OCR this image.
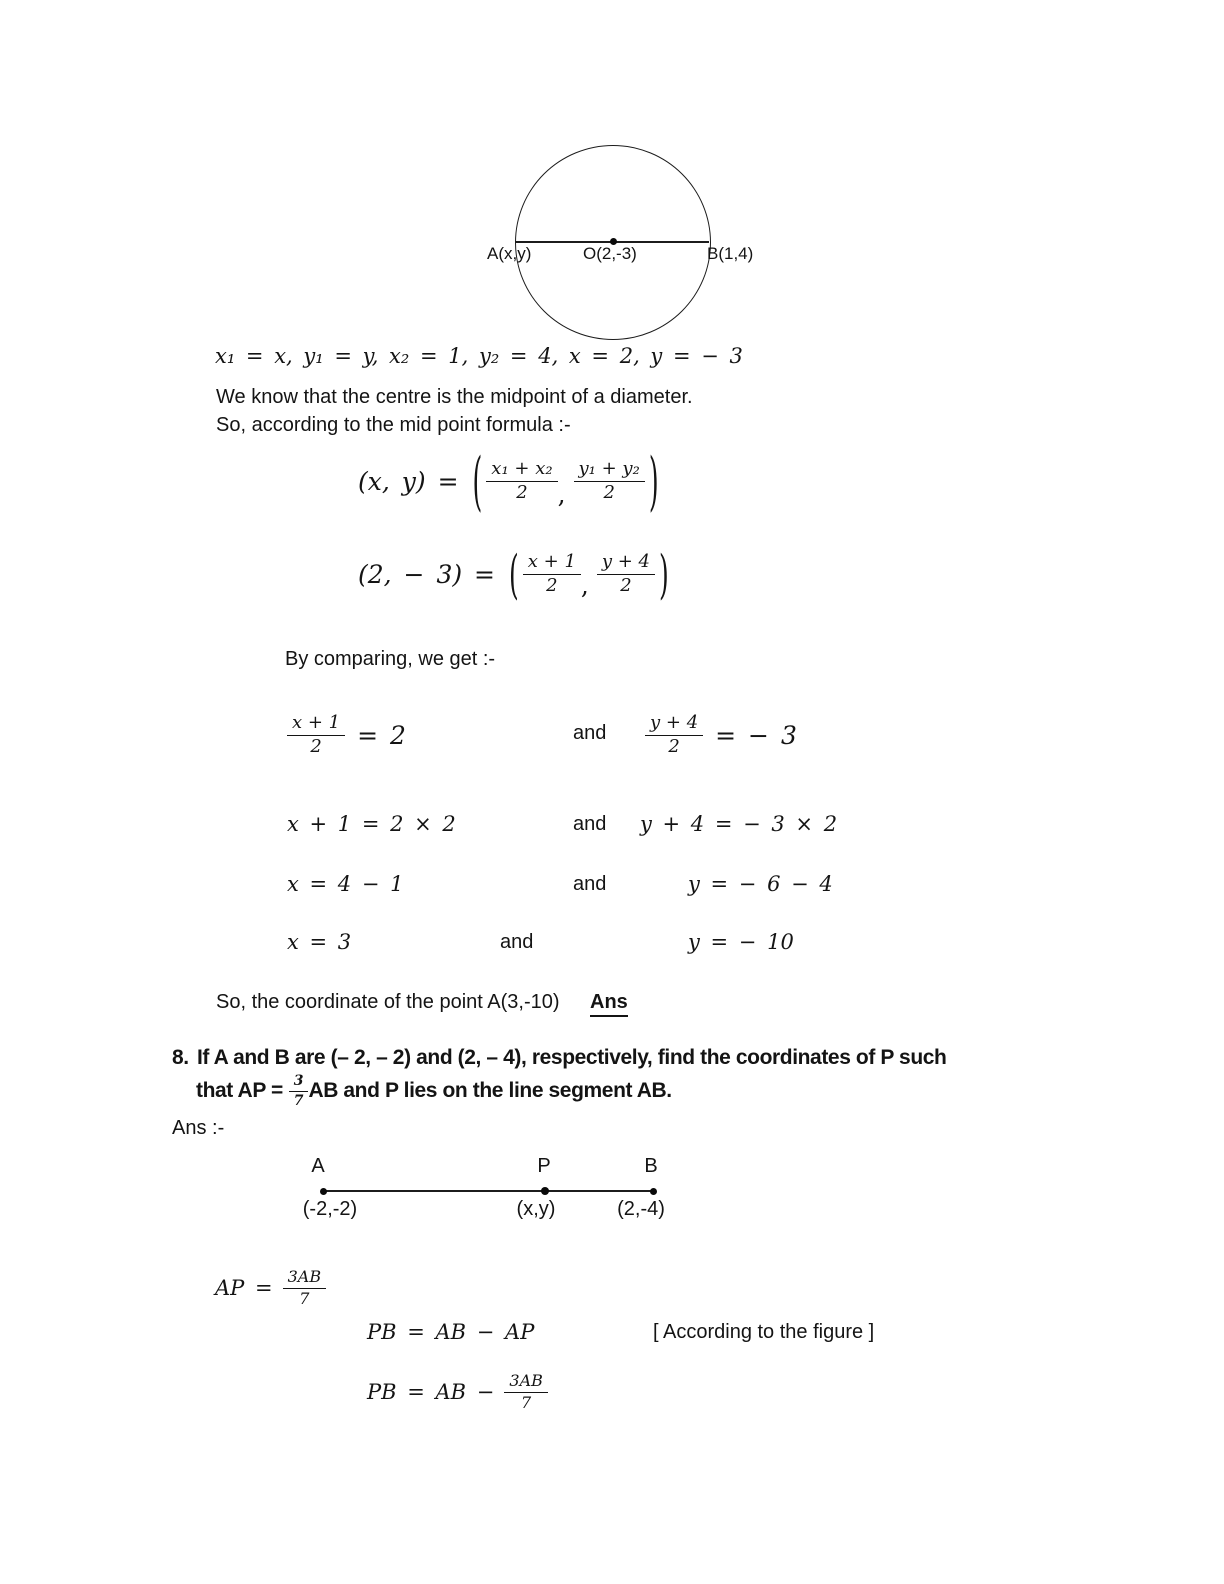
A(x,y)	O(2,-3)	B(1,4)
x₁ = x, y₁ = y, x₂ = 1, y₂ = 4, x = 2, y = − 3
We know that the centre is the midpoint of a diameter.
So, according to the mid point formula :-
(x, y) = ( $\frac{\text{x₁ + x₂}}{2}$ , $\frac{\text{y₁ + y₂}}{2}$ )
(2, − 3) = ( $\frac{x + 1}{2}$ , $\frac{y + 4}{2}$ )
By comparing, we get :-
$\frac{x + 1}{2} = 2$	and $\frac{y + 4}{2}$ = − 3
x + 1 = 2 × 2	and y + 4 = − 3 × 2
x = 4 − 1	and	y = − 6 − 4
x = 3	and	y = − 10
So, the coordinate of the point A(3,-10) Ans
8. If A and B are (– 2, – 2) and (2, – 4), respectively, find the coordinates of P such
that AP =
$\frac{3}{7}$ AB and P lies on the line segment AB.
Ans :-
A	P	B
(-2,-2)	(x,y)	(2,-4)
AP = $\frac{3AB}{7}$
PB = AB − AP	[ According to the figure ]
PB = AB − $\frac{3AB}{7}$
